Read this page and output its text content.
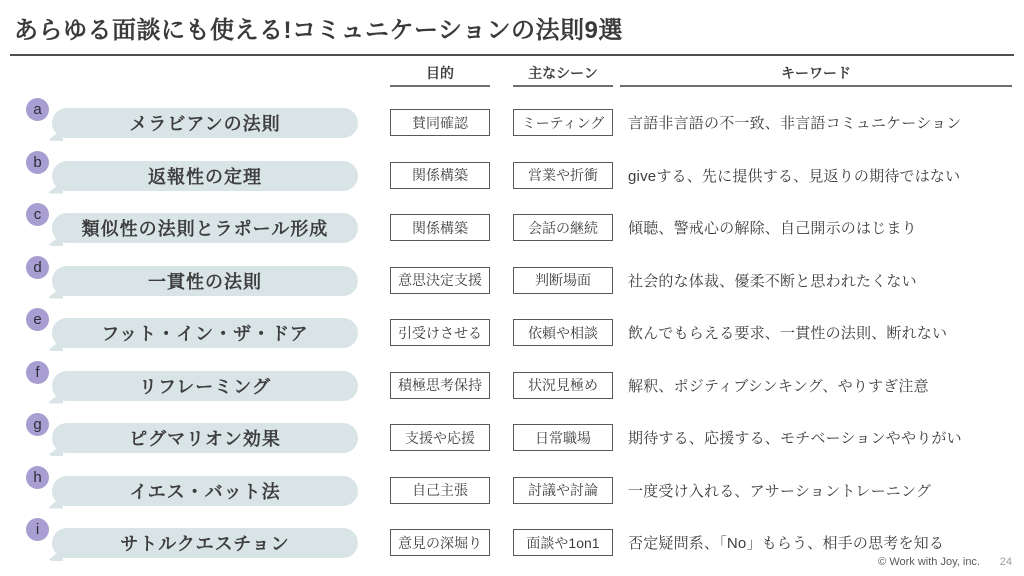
あらゆる面談にも使える!コミュニケーションの法則9選
目的	主なシーン	キーワード
a
メラビアンの法則	賛同確認	ミーティング	言語非言語の不一致、非言語コミュニケーション
b
返報性の定理	関係構築	営業や折衝	giveする、先に提供する、見返りの期待ではない
c
類似性の法則とラポール形成	関係構築	会話の継続	傾聴、警戒心の解除、自己開示のはじまり
d
一貫性の法則	意思決定支援	判断場面	社会的な体裁、優柔不断と思われたくない
e
フット・イン・ザ・ドア	引受けさせる	依頼や相談	飲んでもらえる要求、一貫性の法則、断れない
f
リフレーミング	積極思考保持	状況見極め	解釈、ポジティブシンキング、やりすぎ注意
g
ピグマリオン効果	支援や応援	日常職場	期待する、応援する、モチベーションややりがい
h
イエス・バット法	自己主張	討議や討論	一度受け入れる、アサーショントレーニング
i
サトルクエスチョン	意見の深堀り	面談や1on1	否定疑問系、「No」もらう、相手の思考を知る
© Work with Joy, inc. 24
